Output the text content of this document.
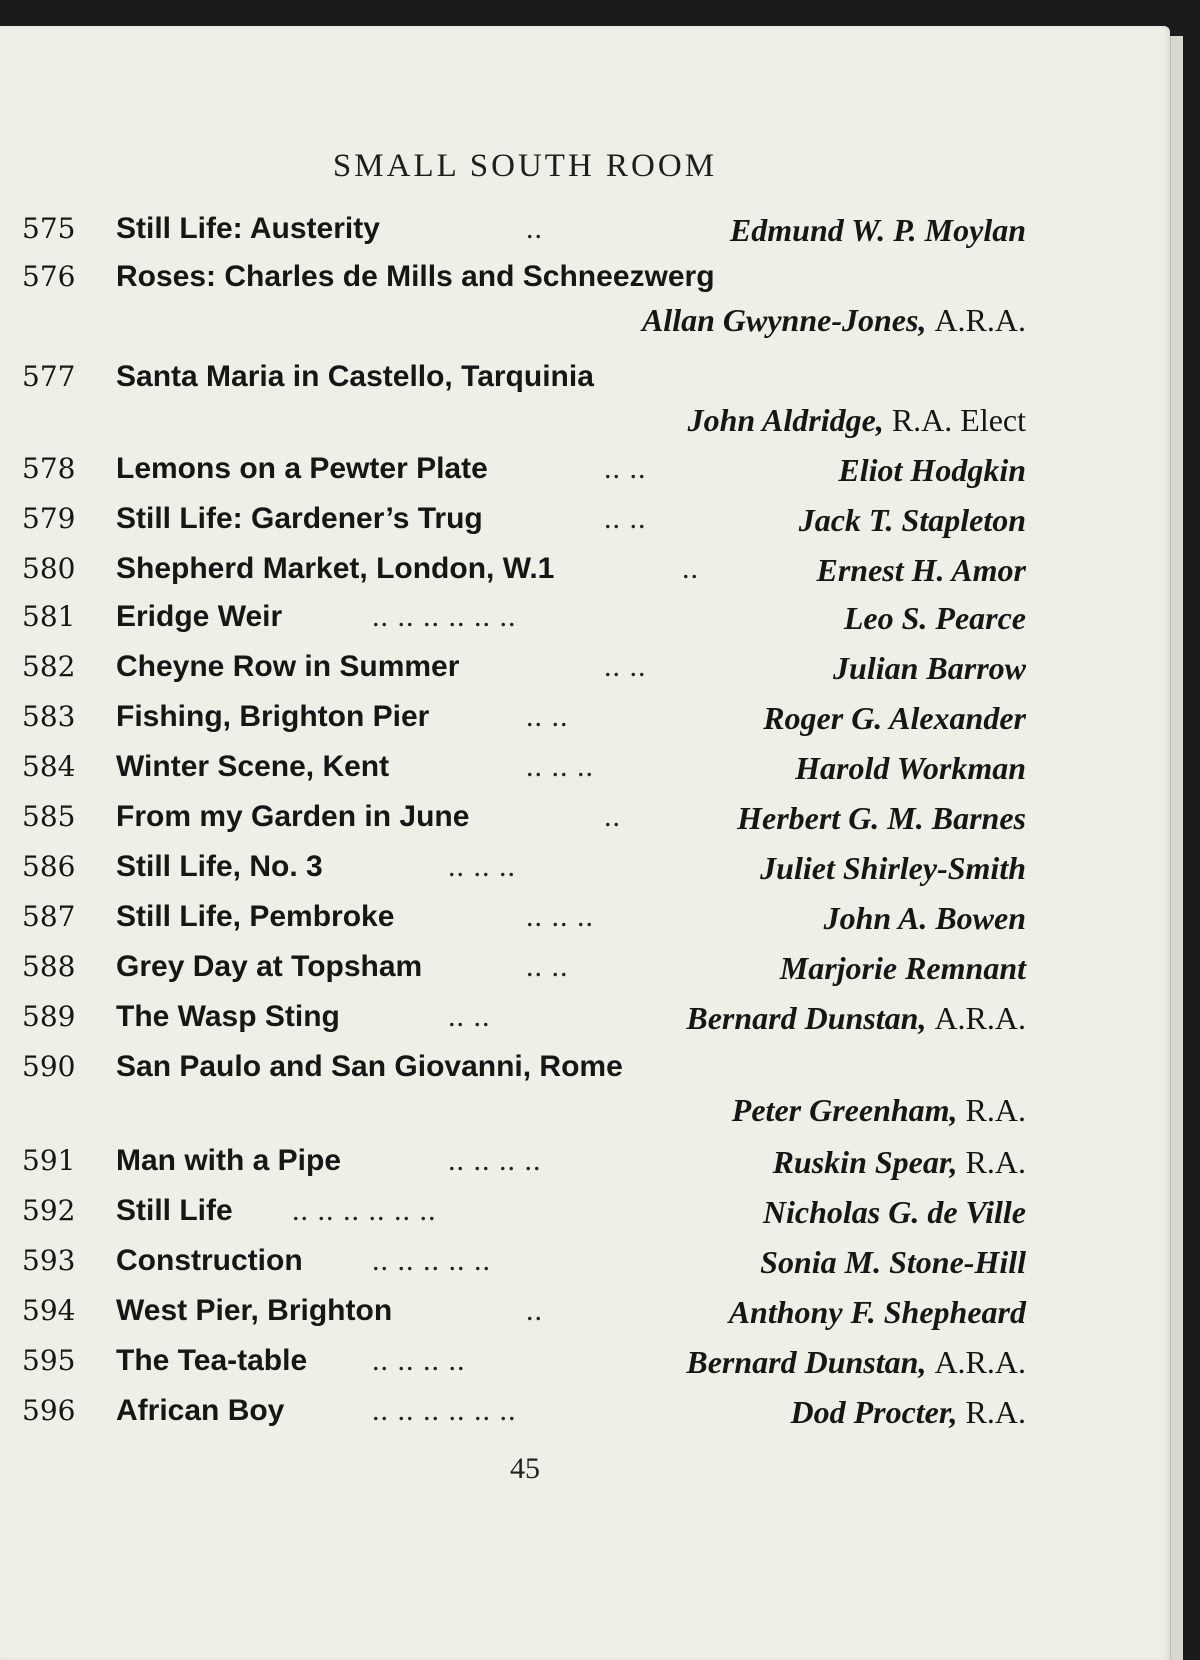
SMALL SOUTH ROOM
575 Still Life: Austerity	..	Edmund W. P. Moylan
576 Roses: Charles de Mills and Schneezwerg
Allan Gwynne-Jones, A.R.A.
577 Santa Maria in Castello, Tarquinia
John Aldridge, R.A. Elect
578 Lemons on a Pewter Plate	.. ..	Eliot Hodgkin
579 Still Life: Gardener’s Trug	.. ..	Jack T. Stapleton
580 Shepherd Market, London, W.1	..	Ernest H. Amor
581 Eridge Weir	.. .. .. .. .. ..	Leo S. Pearce
582 Cheyne Row in Summer	.. ..	Julian Barrow
583 Fishing, Brighton Pier	.. ..	Roger G. Alexander
584 Winter Scene, Kent	.. .. ..	Harold Workman
585 From my Garden in June	..	Herbert G. M. Barnes
586 Still Life, No. 3	.. .. ..	Juliet Shirley-Smith
587 Still Life, Pembroke	.. .. ..	John A. Bowen
588 Grey Day at Topsham	.. ..	Marjorie Remnant
589 The Wasp Sting	.. ..	Bernard Dunstan, A.R.A.
590 San Paulo and San Giovanni, Rome
Peter Greenham, R.A.
591 Man with a Pipe	.. .. .. ..	Ruskin Spear, R.A.
592 Still Life .. .. .. .. .. ..	Nicholas G. de Ville
593 Construction .. .. .. .. ..	Sonia M. Stone-Hill
594 West Pier, Brighton	..	Anthony F. Shepheard
595 The Tea-table .. .. .. ..	Bernard Dunstan, A.R.A.
596 African Boy	.. .. .. .. .. ..	Dod Procter, R.A.
45
